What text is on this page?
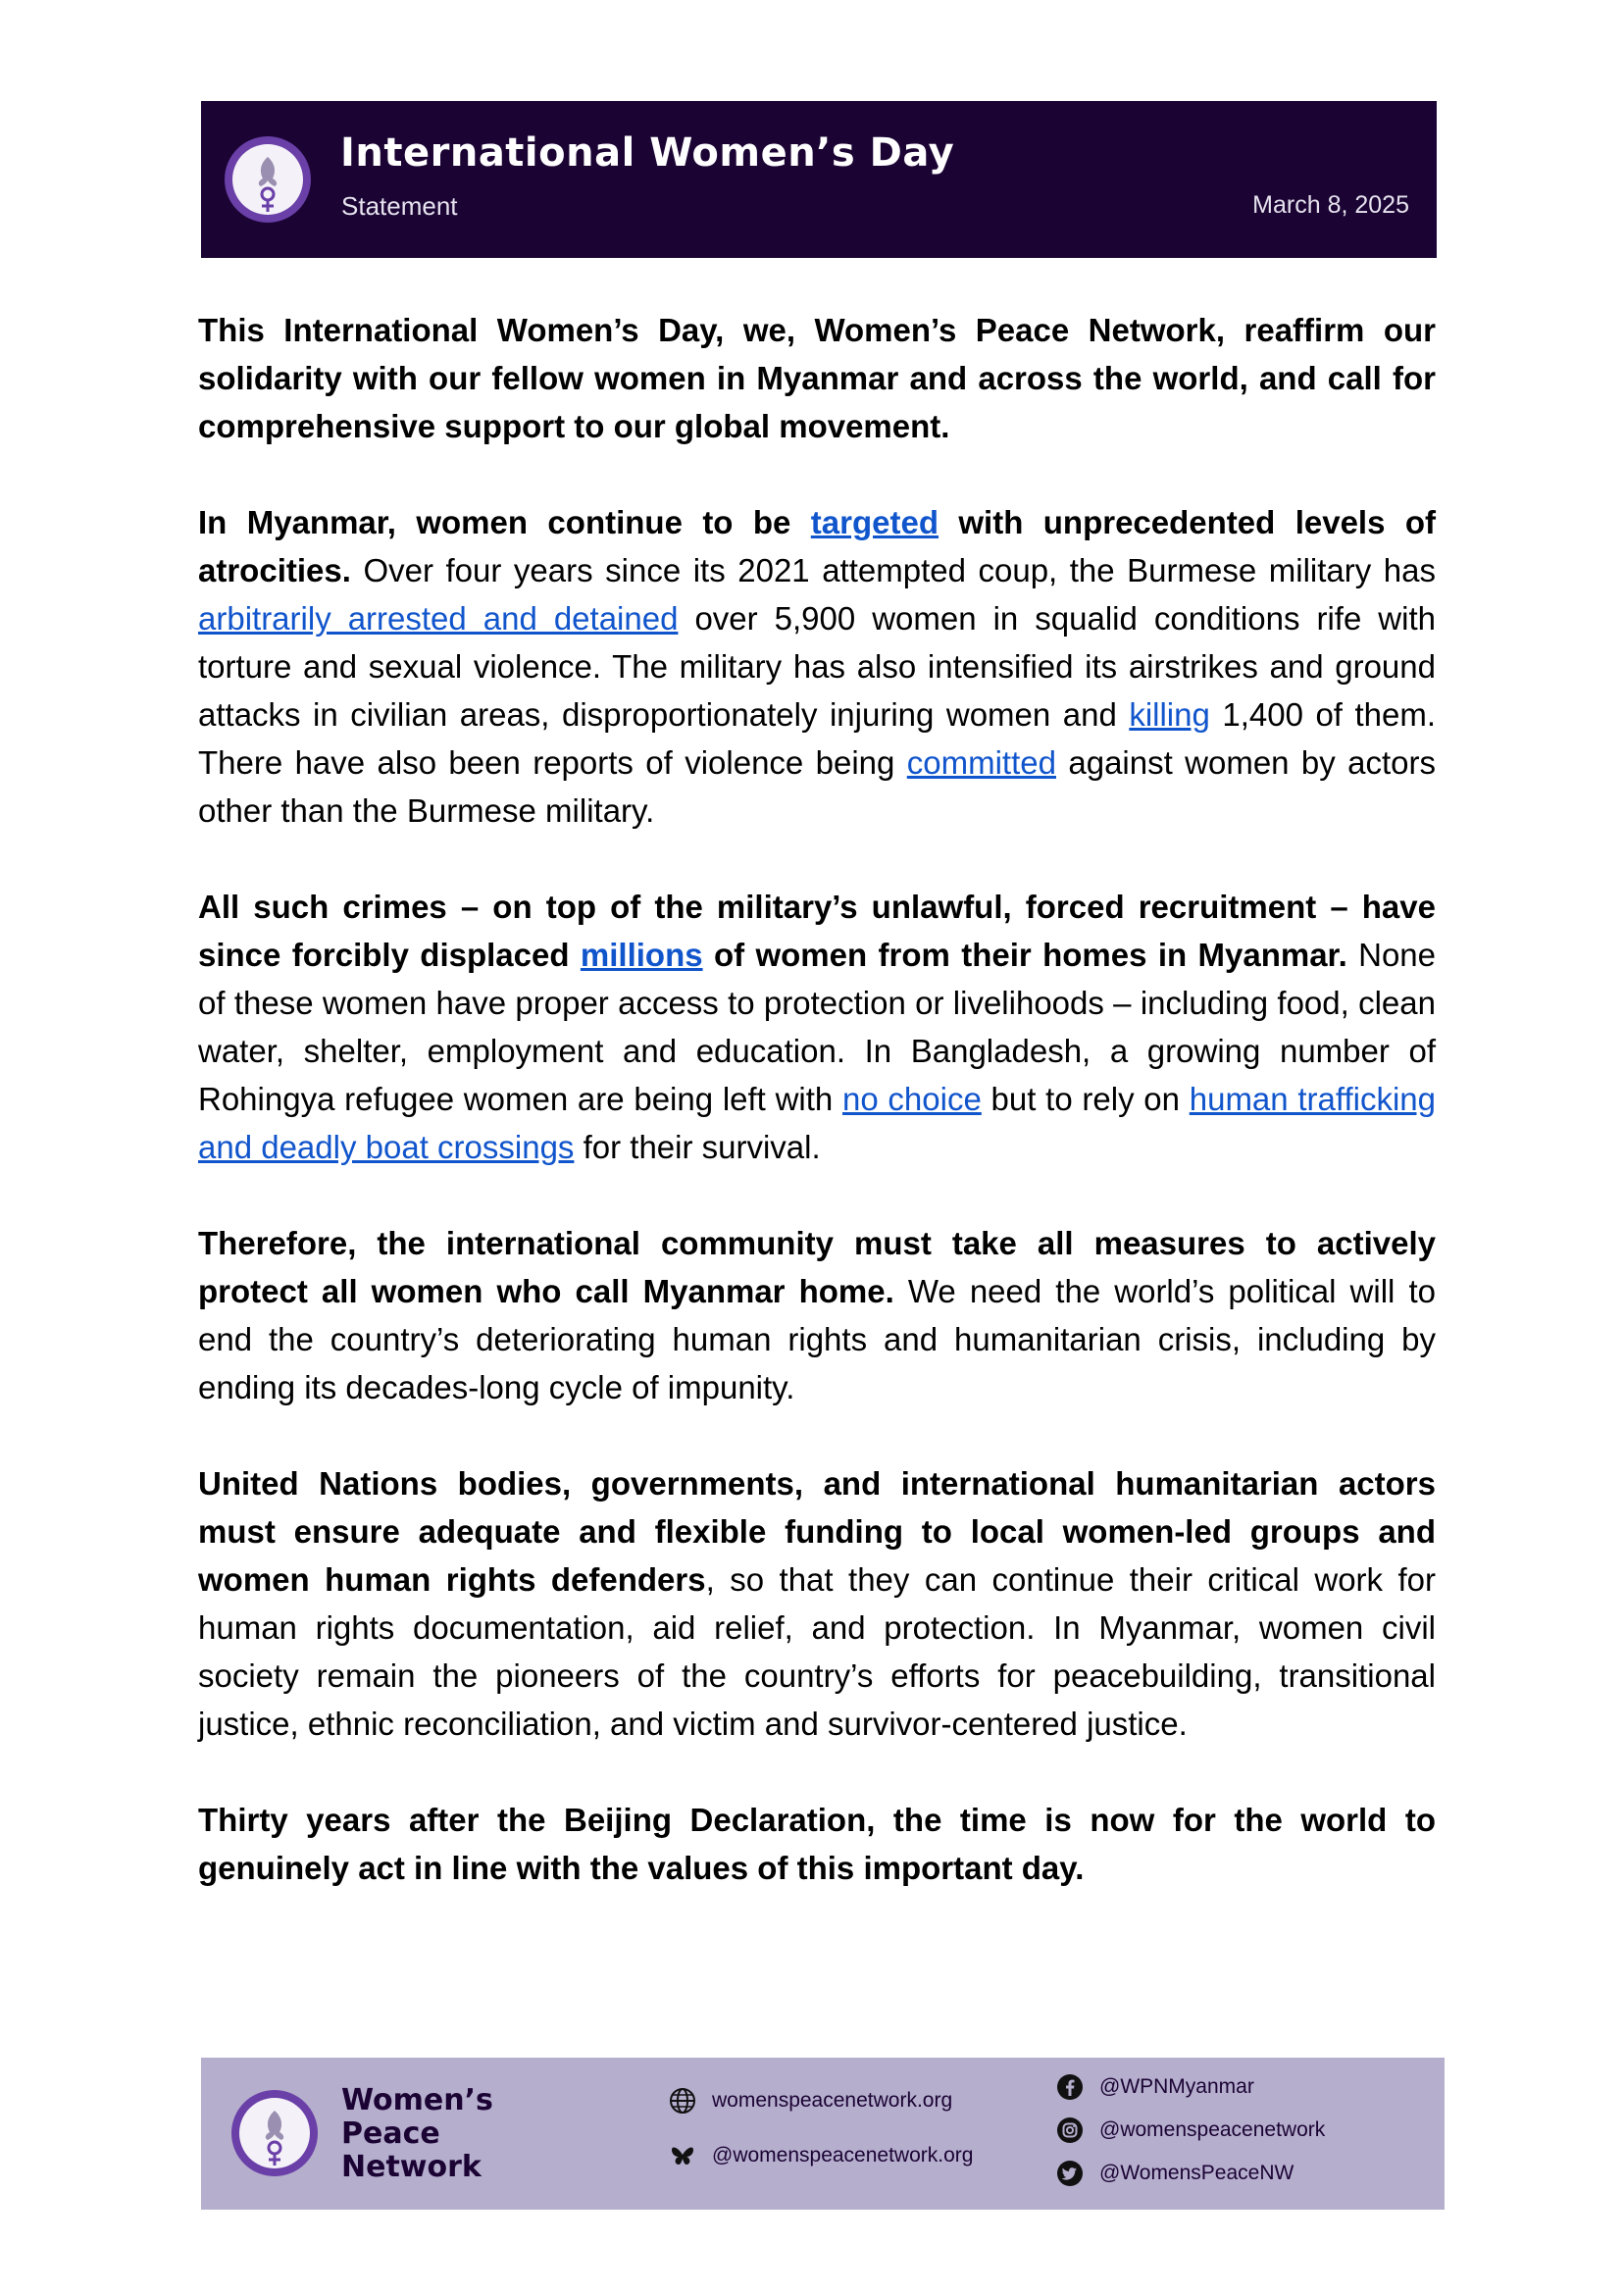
International Women’s Day
Statement	March 8, 2025

This International Women’s Day, we, Women’s Peace Network, reaffirm our solidarity with our fellow women in Myanmar and across the world, and call for comprehensive support to our global movement.

In Myanmar, women continue to be targeted with unprecedented levels of atrocities. Over four years since its 2021 attempted coup, the Burmese military has arbitrarily arrested and detained over 5,900 women in squalid conditions rife with torture and sexual violence. The military has also intensified its airstrikes and ground attacks in civilian areas, disproportionately injuring women and killing 1,400 of them. There have also been reports of violence being committed against women by actors other than the Burmese military.

All such crimes – on top of the military’s unlawful, forced recruitment – have since forcibly displaced millions of women from their homes in Myanmar. None of these women have proper access to protection or livelihoods – including food, clean water, shelter, employment and education. In Bangladesh, a growing number of Rohingya refugee women are being left with no choice but to rely on human trafficking and deadly boat crossings for their survival.

Therefore, the international community must take all measures to actively protect all women who call Myanmar home. We need the world’s political will to end the country’s deteriorating human rights and humanitarian crisis, including by ending its decades-long cycle of impunity.

United Nations bodies, governments, and international humanitarian actors must ensure adequate and flexible funding to local women-led groups and women human rights defenders, so that they can continue their critical work for human rights documentation, aid relief, and protection. In Myanmar, women civil society remain the pioneers of the country’s efforts for peacebuilding, transitional justice, ethnic reconciliation, and victim and survivor-centered justice.

Thirty years after the Beijing Declaration, the time is now for the world to genuinely act in line with the values of this important day.

Women’s
Peace
Network
womenspeacenetwork.org
@womenspeacenetwork.org
@WPNMyanmar
@womenspeacenetwork
@WomensPeaceNW
